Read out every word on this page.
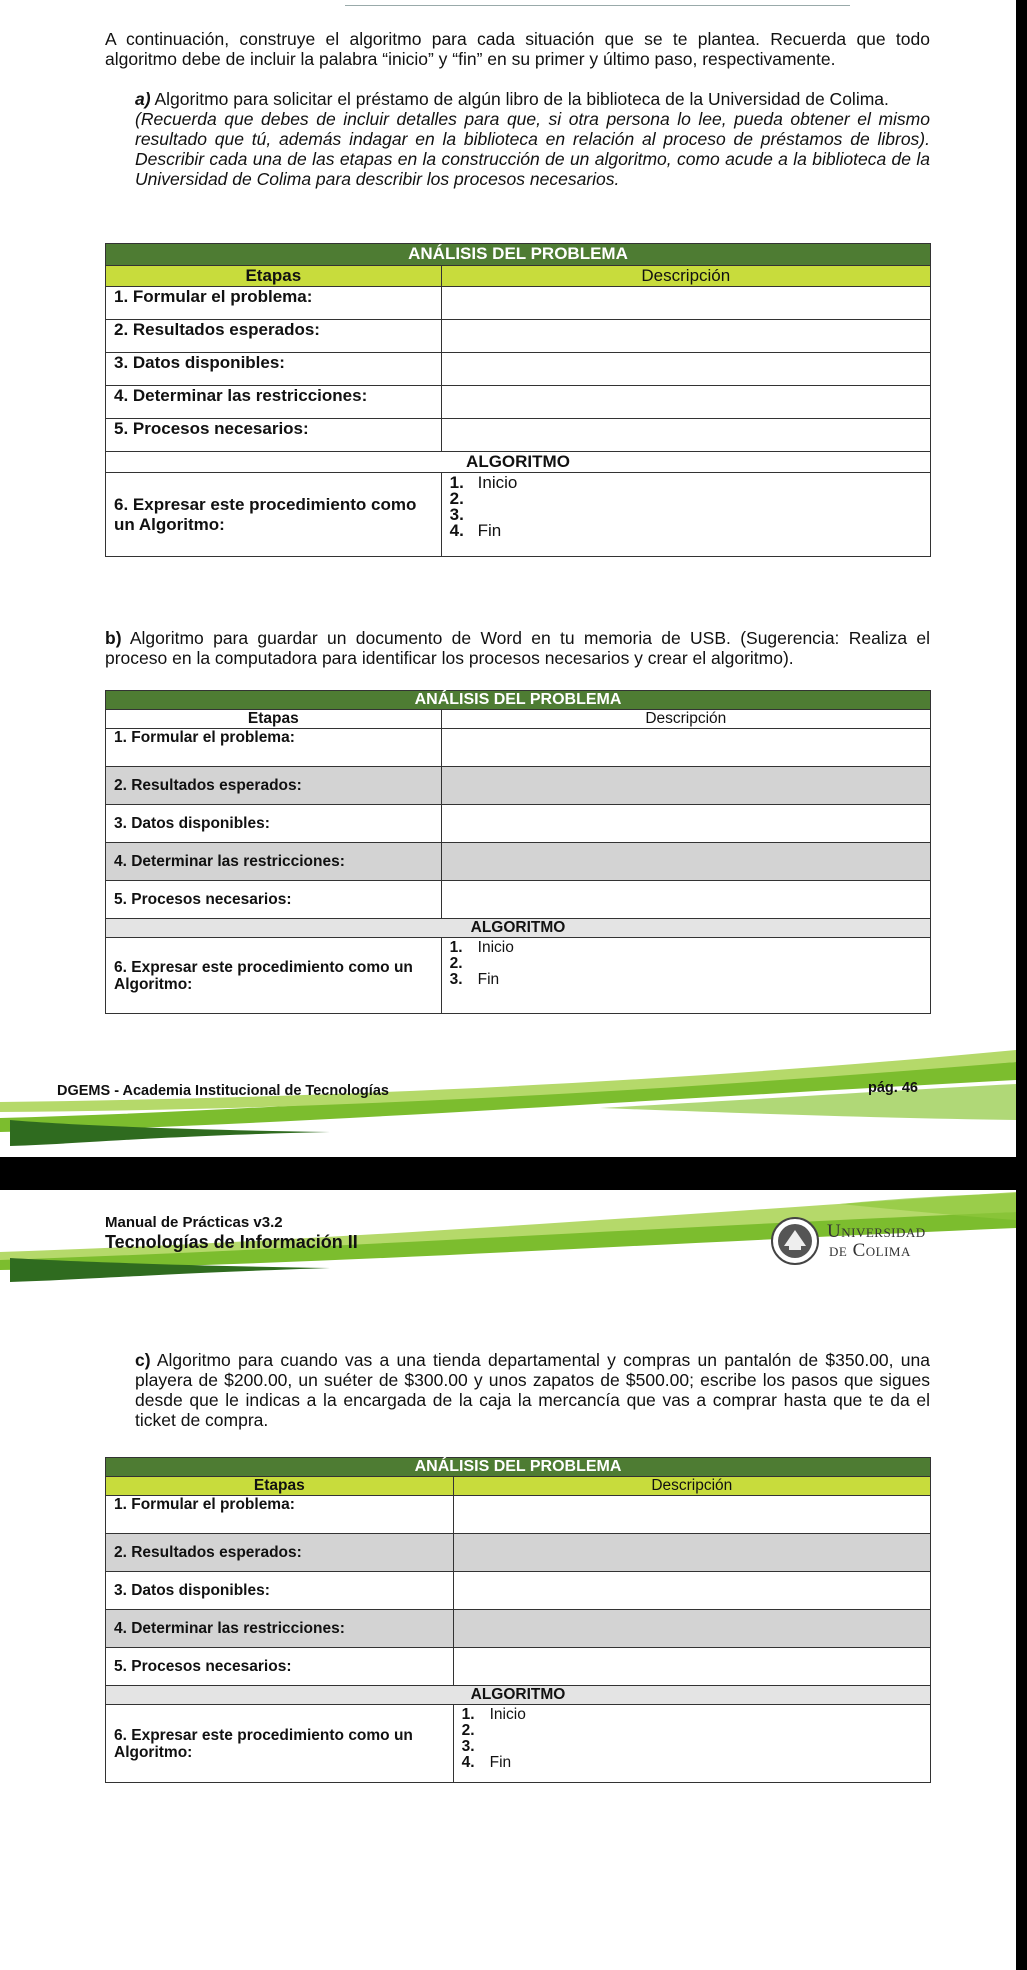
A continuación, construye el algoritmo para cada situación que se te plantea. Recuerda que todo algoritmo debe de incluir la palabra “inicio” y “fin” en su primer y último paso, respectivamente.
a) Algoritmo para solicitar el préstamo de algún libro de la biblioteca de la Universidad de Colima.
(Recuerda que debes de incluir detalles para que, si otra persona lo lee, pueda obtener el mismo resultado que tú, además indagar en la biblioteca en relación al proceso de préstamos de libros). Describir cada una de las etapas en la construcción de un algoritmo, como acude a la biblioteca de la Universidad de Colima para describir los procesos necesarios.
ANÁLISIS DEL PROBLEMA	
Etapas	Descripción
1. Formular el problema:	
2. Resultados esperados:	
3. Datos disponibles:	
4. Determinar las restricciones:	
5. Procesos necesarios:	
ALGORITMO	
6. Expresar este procedimiento como un Algoritmo:	1. Inicio
2.
3.
4. Fin
b) Algoritmo para guardar un documento de Word en tu memoria de USB. (Sugerencia: Realiza el proceso en la computadora para identificar los procesos necesarios y crear el algoritmo).
ANÁLISIS DEL PROBLEMA	
Etapas	Descripción
1. Formular el problema:	
2. Resultados esperados:	
3. Datos disponibles:	
4. Determinar las restricciones:	
5. Procesos necesarios:	
ALGORITMO	
6. Expresar este procedimiento como un Algoritmo:	1. Inicio
2.
3. Fin
DGEMS - Academia Institucional de Tecnologías	pág. 46
Manual de Prácticas v3.2
Tecnologías de Información II	Universidad
de Colima
c) Algoritmo para cuando vas a una tienda departamental y compras un pantalón de $350.00, una playera de $200.00, un suéter de $300.00 y unos zapatos de $500.00; escribe los pasos que sigues desde que le indicas a la encargada de la caja la mercancía que vas a comprar hasta que te da el ticket de compra.
ANÁLISIS DEL PROBLEMA	
Etapas	Descripción
1. Formular el problema:	
2. Resultados esperados:	
3. Datos disponibles:	
4. Determinar las restricciones:	
5. Procesos necesarios:	
ALGORITMO	
6. Expresar este procedimiento como un Algoritmo:	1. Inicio
2.
3.
4. Fin
